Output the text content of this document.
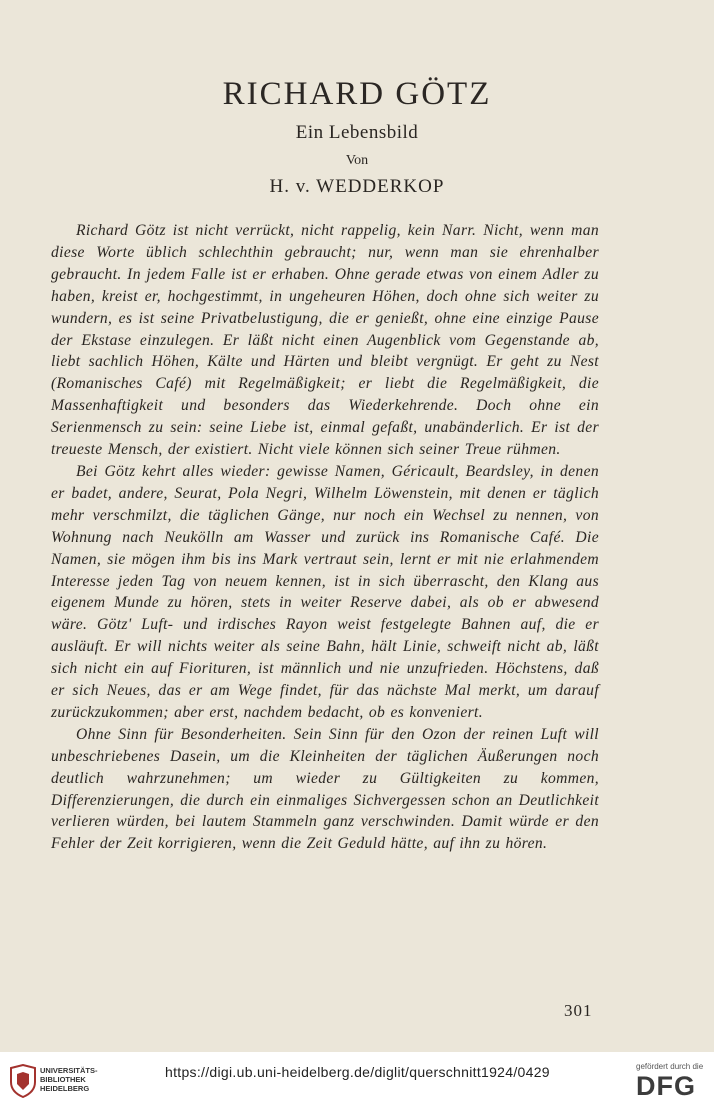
RICHARD GÖTZ
Ein Lebensbild
Von
H. v. WEDDERKOP

Richard Götz ist nicht verrückt, nicht rappelig, kein Narr. Nicht, wenn man diese Worte üblich schlechthin gebraucht; nur, wenn man sie ehrenhalber gebraucht. In jedem Falle ist er erhaben. Ohne gerade etwas von einem Adler zu haben, kreist er, hochgestimmt, in ungeheuren Höhen, doch ohne sich weiter zu wundern, es ist seine Privatbelustigung, die er genießt, ohne eine einzige Pause der Ekstase einzulegen. Er läßt nicht einen Augenblick vom Gegenstande ab, liebt sachlich Höhen, Kälte und Härten und bleibt vergnügt. Er geht zu Nest (Romanisches Café) mit Regelmäßigkeit; er liebt die Regelmäßigkeit, die Massenhaftigkeit und besonders das Wiederkehrende. Doch ohne ein Serienmensch zu sein: seine Liebe ist, einmal gefaßt, unabänderlich. Er ist der treueste Mensch, der existiert. Nicht viele können sich seiner Treue rühmen.

Bei Götz kehrt alles wieder: gewisse Namen, Géricault, Beardsley, in denen er badet, andere, Seurat, Pola Negri, Wilhelm Löwenstein, mit denen er täglich mehr verschmilzt, die täglichen Gänge, nur noch ein Wechsel zu nennen, von Wohnung nach Neukölln am Wasser und zurück ins Romanische Café. Die Namen, sie mögen ihm bis ins Mark vertraut sein, lernt er mit nie erlahmendem Interesse jeden Tag von neuem kennen, ist in sich überrascht, den Klang aus eigenem Munde zu hören, stets in weiter Reserve dabei, als ob er abwesend wäre. Götz' Luft- und irdisches Rayon weist festgelegte Bahnen auf, die er ausläuft. Er will nichts weiter als seine Bahn, hält Linie, schweift nicht ab, läßt sich nicht ein auf Fiorituren, ist männlich und nie unzufrieden. Höchstens, daß er sich Neues, das er am Wege findet, für das nächste Mal merkt, um darauf zurückzukommen; aber erst, nachdem bedacht, ob es konveniert.

Ohne Sinn für Besonderheiten. Sein Sinn für den Ozon der reinen Luft will unbeschriebenes Dasein, um die Kleinheiten der täglichen Äußerungen noch deutlich wahrzunehmen; um wieder zu Gültigkeiten zu kommen, Differenzierungen, die durch ein einmaliges Sichvergessen schon an Deutlichkeit verlieren würden, bei lautem Stammeln ganz verschwinden. Damit würde er den Fehler der Zeit korrigieren, wenn die Zeit Geduld hätte, auf ihn zu hören.

301
UNIVERSITÄTS-
BIBLIOTHEK
HEIDELBERG
https://digi.ub.uni-heidelberg.de/diglit/querschnitt1924/0429	gefördert durch die
DFG
